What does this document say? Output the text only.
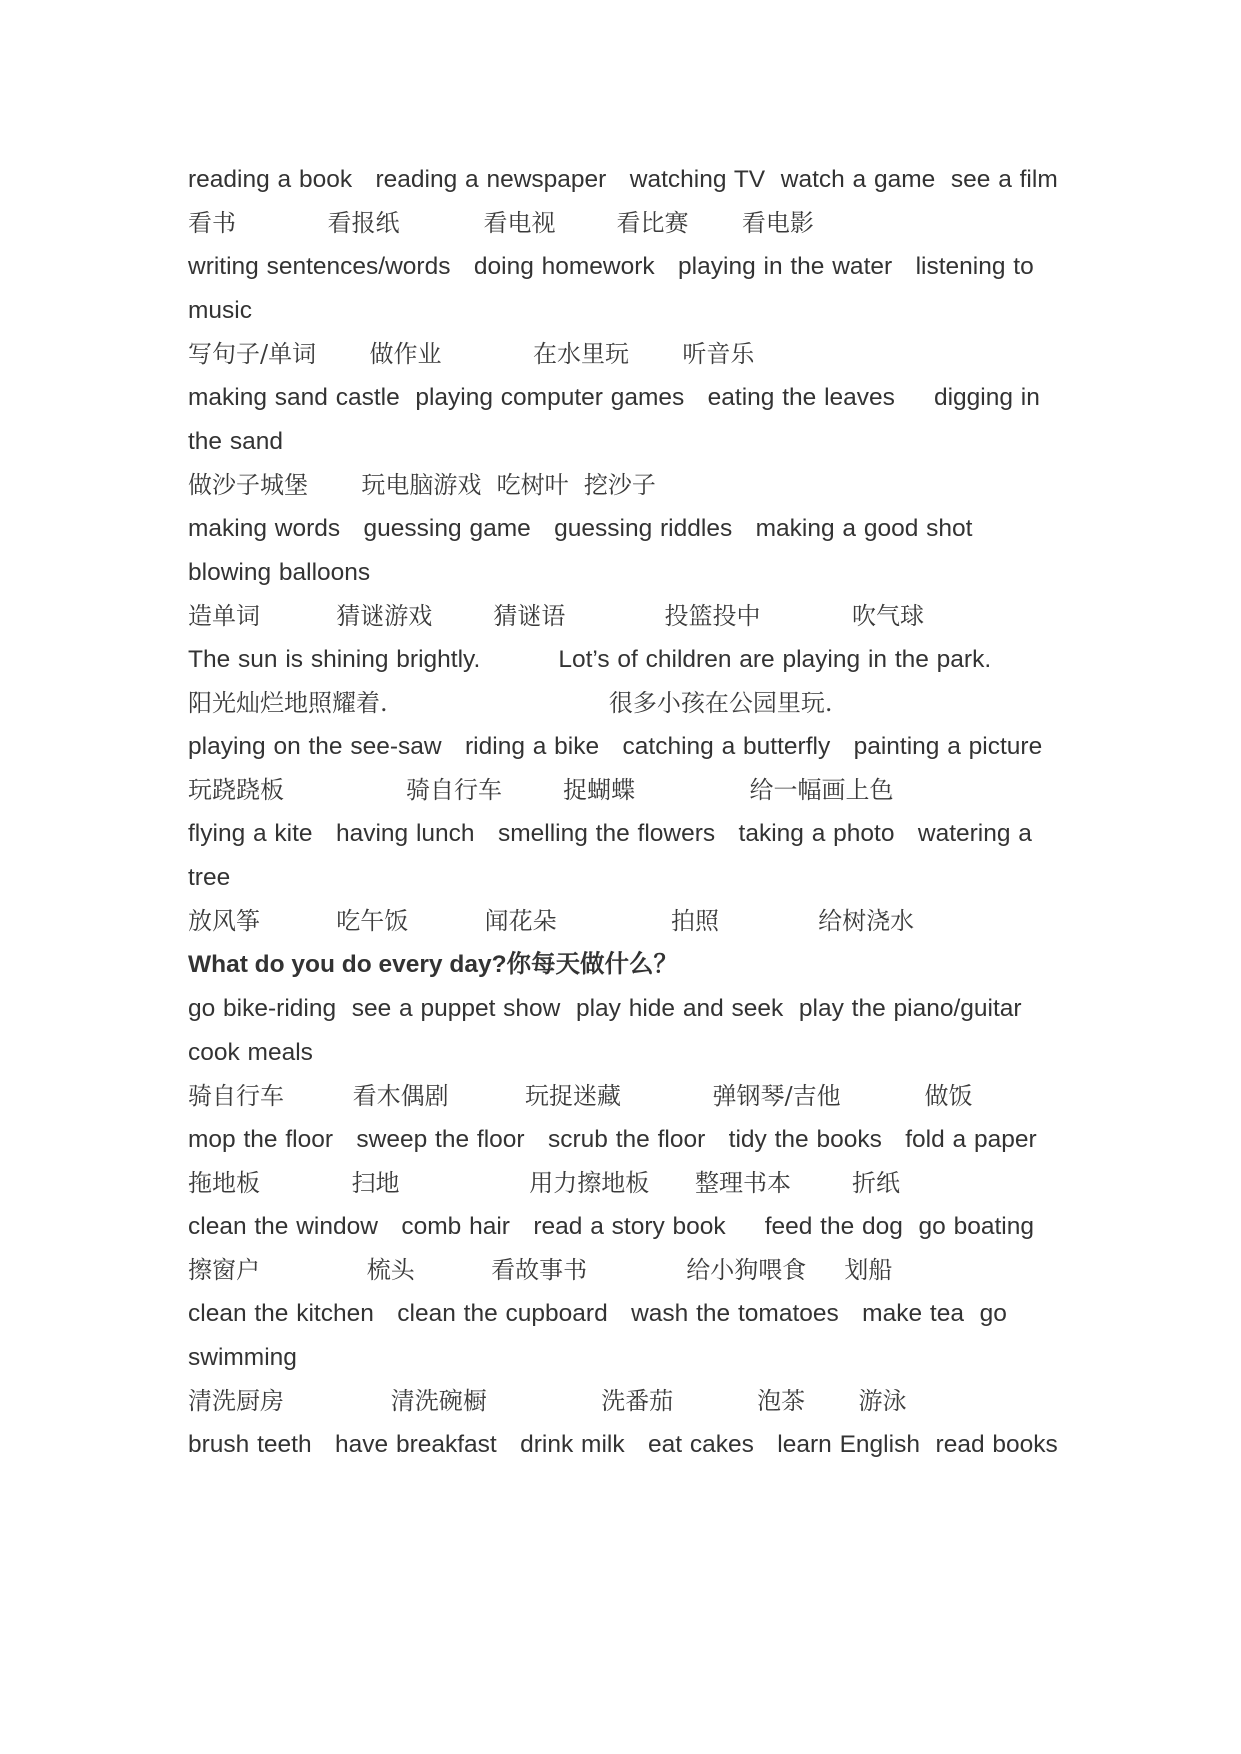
reading a book   reading a newspaper   watching TV  watch a game  see a film

看书            看报纸           看电视        看比赛       看电影

writing sentences/words   doing homework   playing in the water   listening to music

写句子/单词       做作业            在水里玩       听音乐

making sand castle  playing computer games   eating the leaves     digging in the sand

做沙子城堡       玩电脑游戏  吃树叶  挖沙子

making words   guessing game   guessing riddles   making a good shot   blowing balloons

造单词          猜谜游戏        猜谜语             投篮投中            吹气球

The sun is shining brightly.          Lot’s of children are playing in the park.

阳光灿烂地照耀着.                             很多小孩在公园里玩.

playing on the see-saw   riding a bike   catching a butterfly   painting a picture

玩跷跷板                骑自行车        捉蝴蝶               给一幅画上色

flying a kite   having lunch   smelling the flowers   taking a photo   watering a tree

放风筝          吃午饭          闻花朵               拍照             给树浇水

What do you do every day?你每天做什么？

go bike-riding  see a puppet show  play hide and seek  play the piano/guitar  cook meals

骑自行车         看木偶剧          玩捉迷藏            弹钢琴/吉他           做饭

mop the floor   sweep the floor   scrub the floor   tidy the books   fold a paper

拖地板            扫地                 用力擦地板      整理书本        折纸

clean the window   comb hair   read a story book     feed the dog  go boating

擦窗户              梳头          看故事书             给小狗喂食     划船

clean the kitchen   clean the cupboard   wash the tomatoes   make tea  go swimming

清洗厨房              清洗碗橱               洗番茄           泡茶       游泳

brush teeth   have breakfast   drink milk   eat cakes   learn English  read books
